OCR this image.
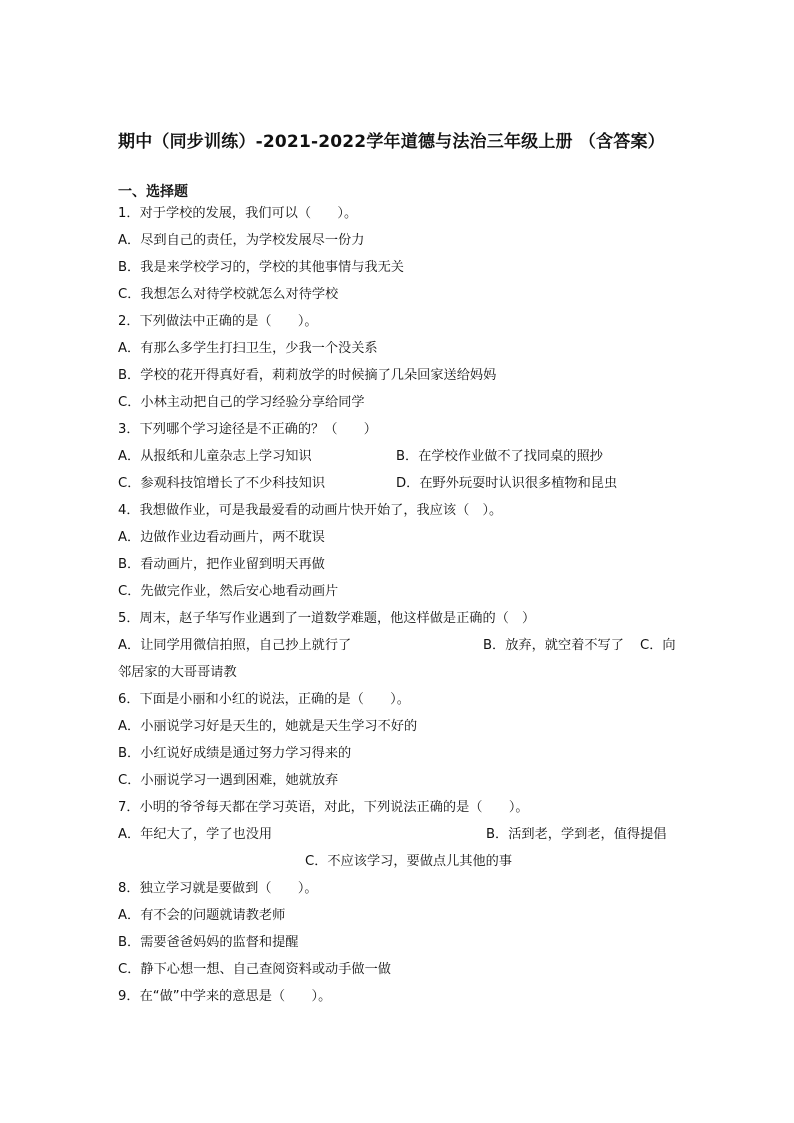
期中（同步训练）-2021-2022学年道德与法治三年级上册 （含答案）
一、选择题
1．对于学校的发展，我们可以（　　）。
A．尽到自己的责任，为学校发展尽一份力
B．我是来学校学习的，学校的其他事情与我无关
C．我想怎么对待学校就怎么对待学校
2．下列做法中正确的是（　　）。
A．有那么多学生打扫卫生，少我一个没关系
B．学校的花开得真好看，莉莉放学的时候摘了几朵回家送给妈妈
C．小林主动把自己的学习经验分享给同学
3．下列哪个学习途径是不正确的？（　　）
A．从报纸和儿童杂志上学习知识	B．在学校作业做不了找同桌的照抄
C．参观科技馆增长了不少科技知识	D．在野外玩耍时认识很多植物和昆虫
4．我想做作业，可是我最爱看的动画片快开始了，我应该（　）。
A．边做作业边看动画片，两不耽误
B．看动画片，把作业留到明天再做
C．先做完作业，然后安心地看动画片
5．周末，赵子华写作业遇到了一道数学难题，他这样做是正确的（　）
A．让同学用微信拍照，自己抄上就行了	B．放弃，就空着不写了 C．向
邻居家的大哥哥请教
6．下面是小丽和小红的说法，正确的是（　　）。
A．小丽说学习好是天生的，她就是天生学习不好的
B．小红说好成绩是通过努力学习得来的
C．小丽说学习一遇到困难，她就放弃
7．小明的爷爷每天都在学习英语，对此，下列说法正确的是（　　）。
A．年纪大了，学了也没用	B．活到老，学到老，值得提倡
C．不应该学习，要做点儿其他的事
8．独立学习就是要做到（　　）。
A．有不会的问题就请教老师
B．需要爸爸妈妈的监督和提醒
C．静下心想一想、自己查阅资料或动手做一做
9．在“做”中学来的意思是（　　）。
